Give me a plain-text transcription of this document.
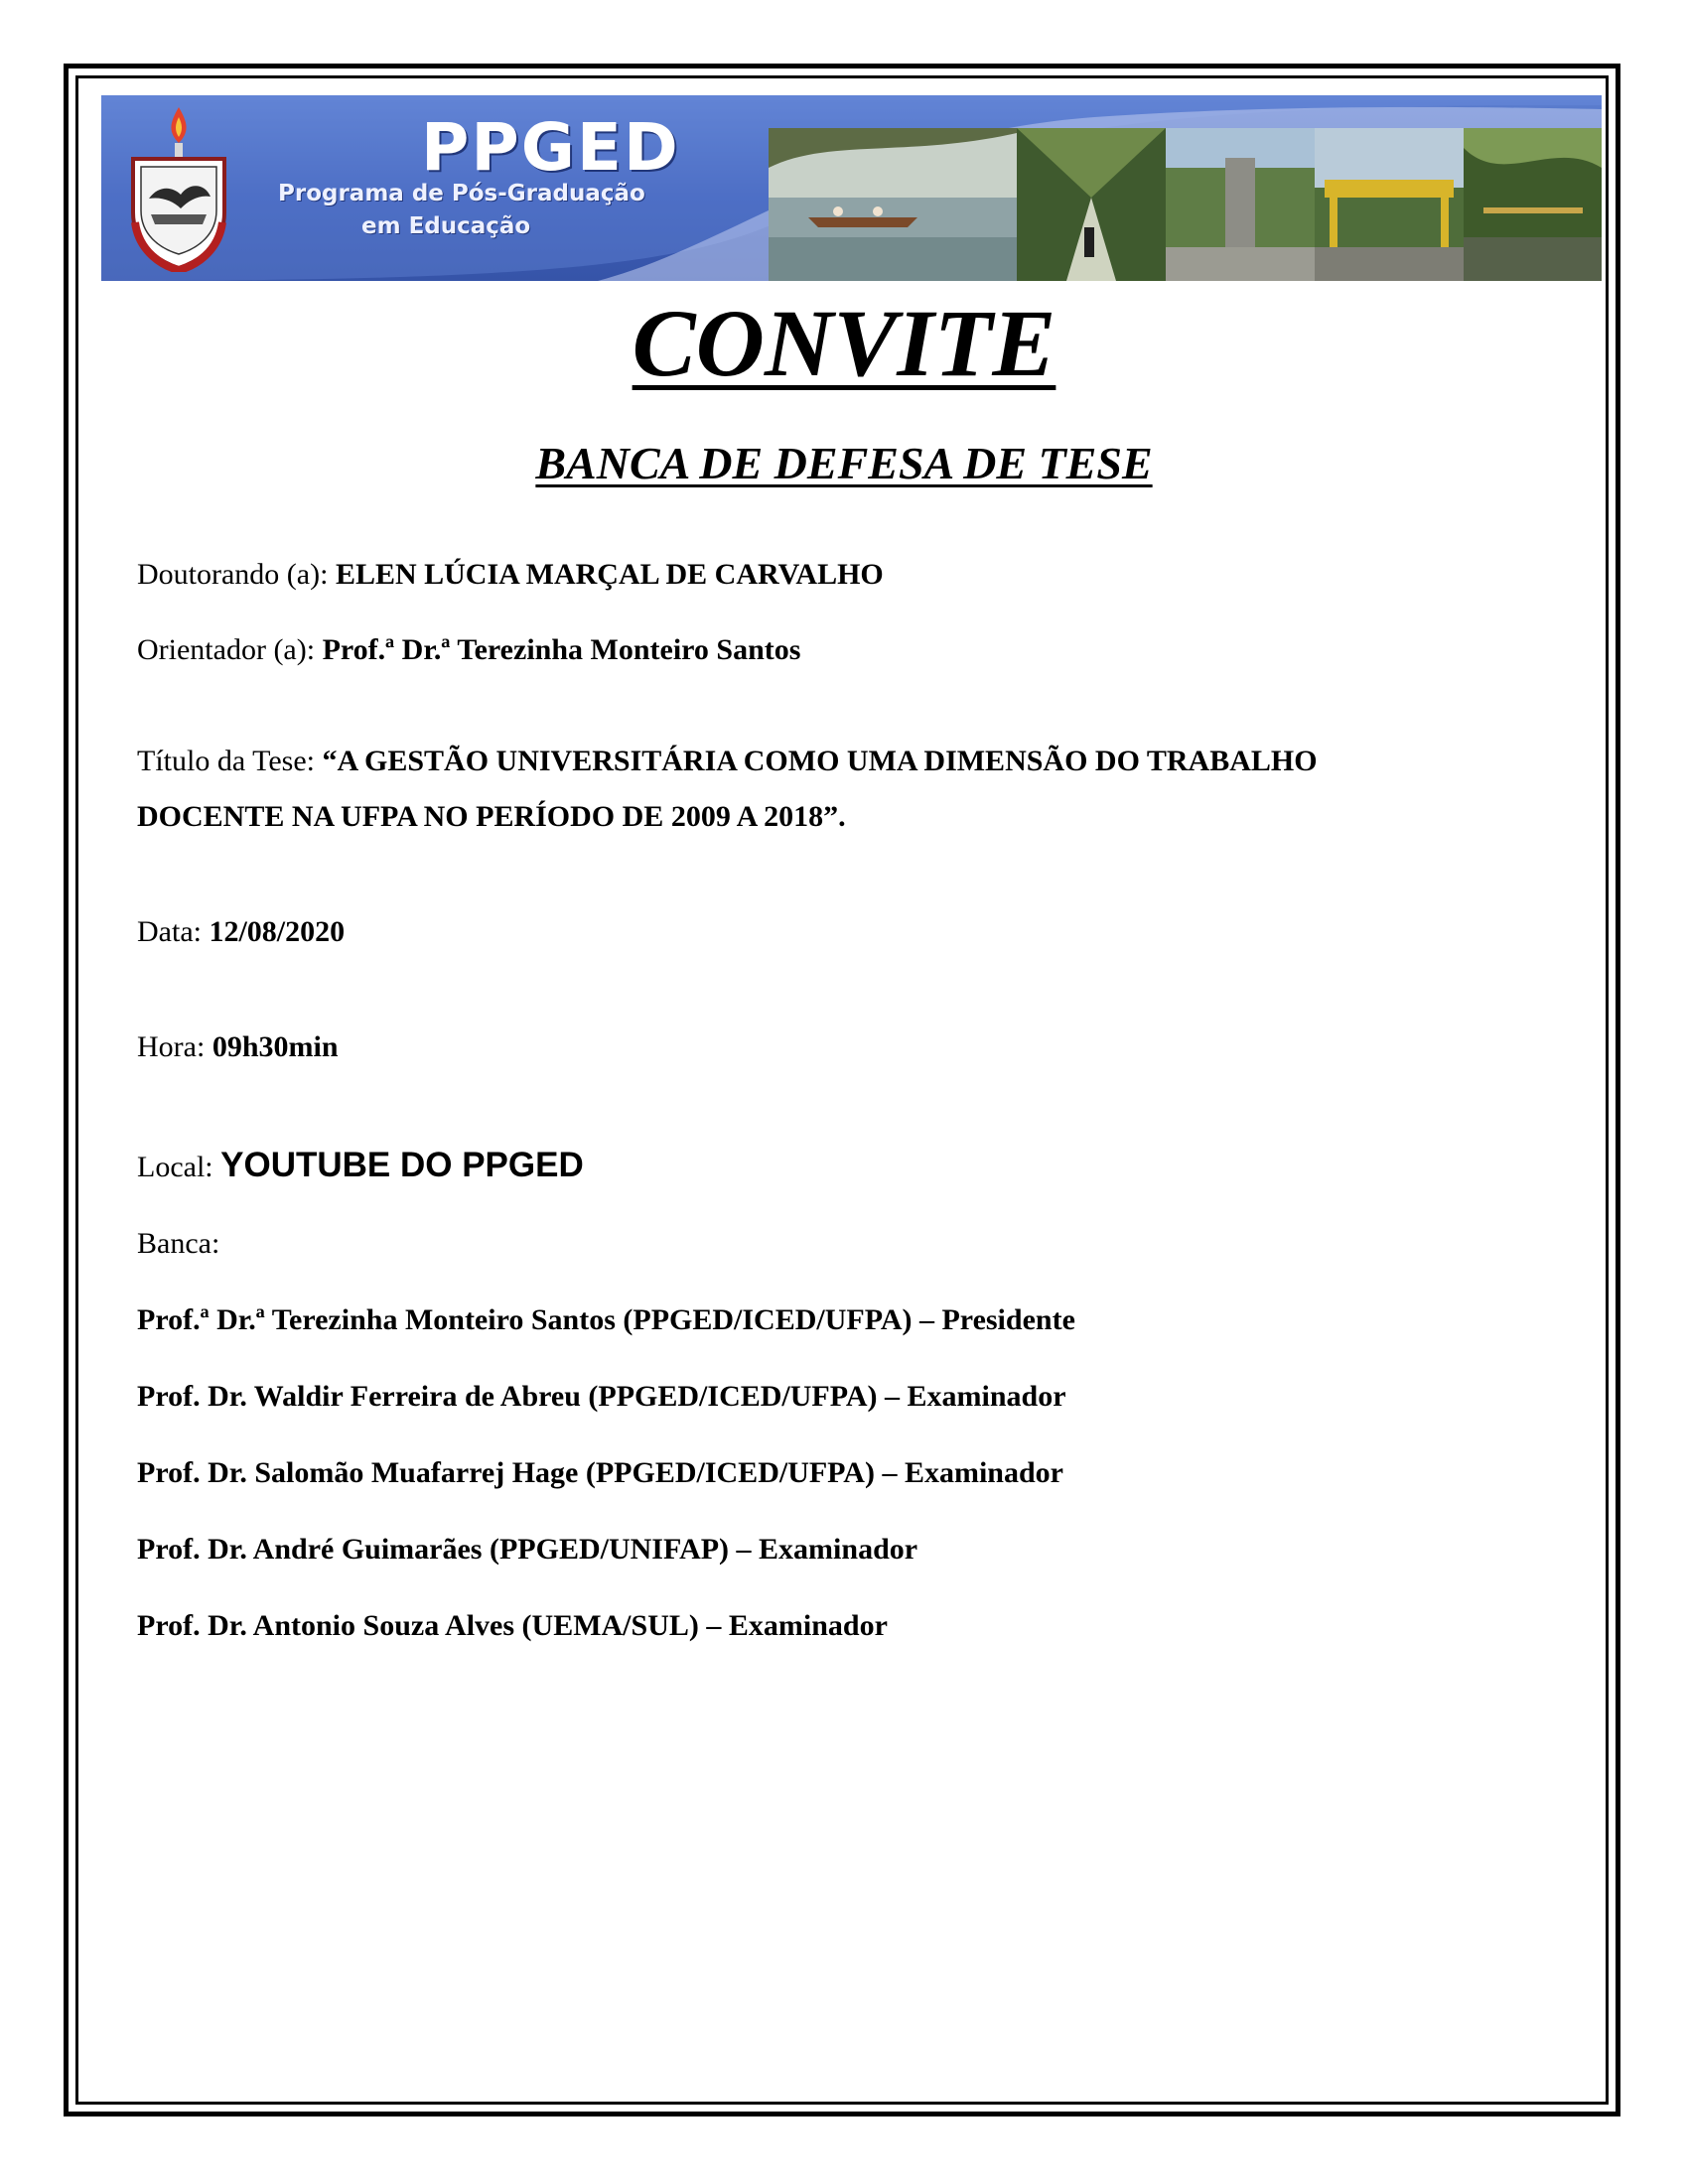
PPGED
Programa de Pós-Graduação
em Educação
CONVITE
BANCA DE DEFESA DE TESE
Doutorando (a): ELEN LÚCIA MARÇAL DE CARVALHO
Orientador (a): Prof.ª Dr.ª Terezinha Monteiro Santos
Título da Tese: “A GESTÃO UNIVERSITÁRIA COMO UMA DIMENSÃO DO TRABALHO
DOCENTE NA UFPA NO PERÍODO DE 2009 A 2018”.
Data: 12/08/2020
Hora: 09h30min
Local: YOUTUBE DO PPGED
Banca:
Prof.ª Dr.ª Terezinha Monteiro Santos (PPGED/ICED/UFPA) – Presidente
Prof. Dr. Waldir Ferreira de Abreu (PPGED/ICED/UFPA) – Examinador
Prof. Dr. Salomão Muafarrej Hage (PPGED/ICED/UFPA) – Examinador
Prof. Dr. André Guimarães (PPGED/UNIFAP) – Examinador
Prof. Dr. Antonio Souza Alves (UEMA/SUL) – Examinador
